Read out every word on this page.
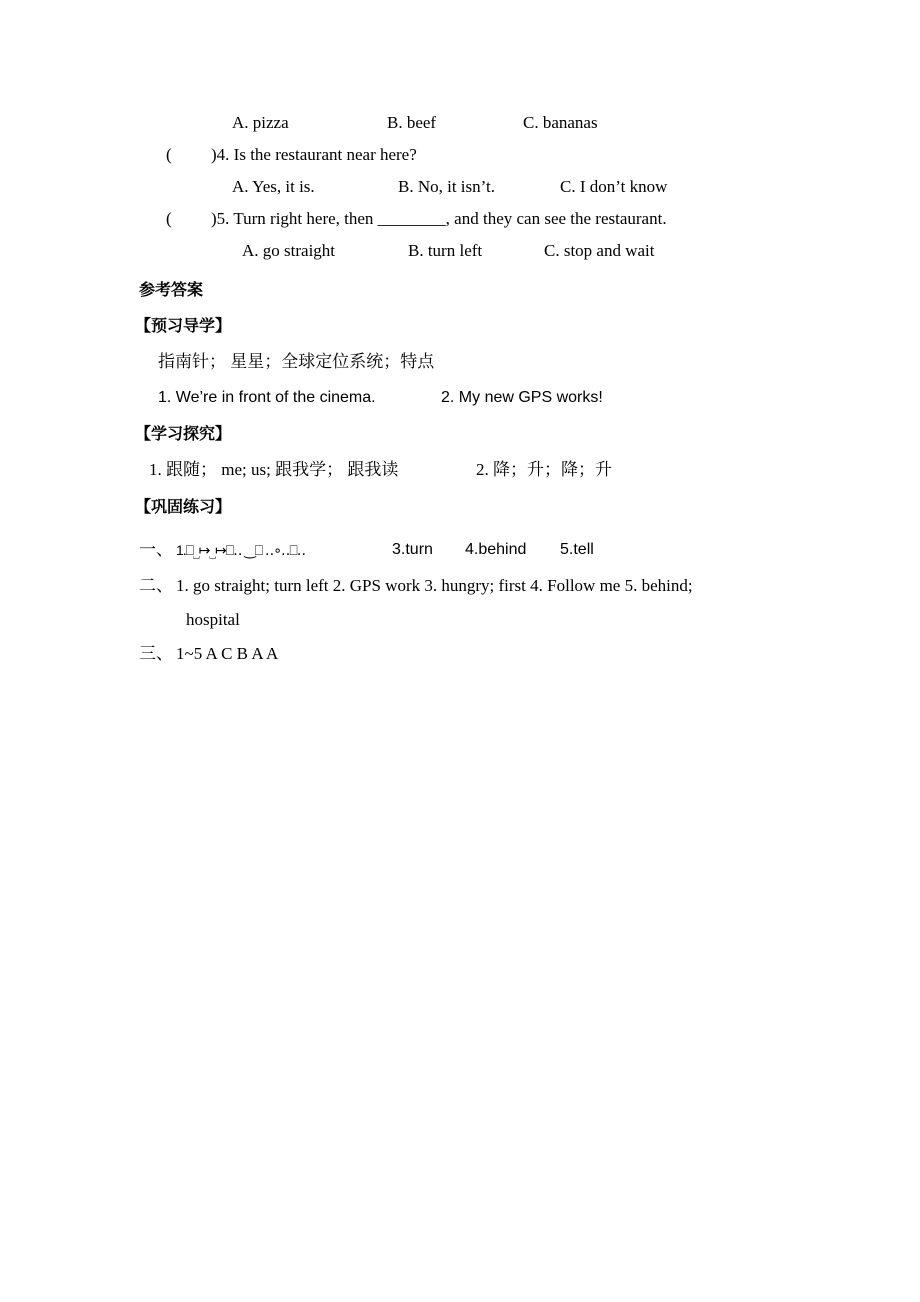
A. pizza	B. beef	C. bananas
( )4. Is the restaurant near here?
A. Yes, it is.	B. No, it isn’t.	C. I don’t know
( )5. Turn right here, then ________, and they can see the restaurant.
A. go straight	B. turn left	C. stop and wait
参考答案
【预习导学】
指南针； 星星；全球定位系统；特点
1. We’re in front of the cinema.	2. My new GPS works!
【学习探究】
1. 跟随； me; us; 跟我学； 跟我读	2. 降；升；降；升
【巩固练习】
一、 1.⎕⎵↦⎵↦⎕‥ ‿⎕ ‥∘‥⎕‥	3.turn 4.behind 5.tell
二、 1. go straight; turn left 2. GPS work 3. hungry; first 4. Follow me 5. behind;
hospital
三、 1~5 A C B A A
